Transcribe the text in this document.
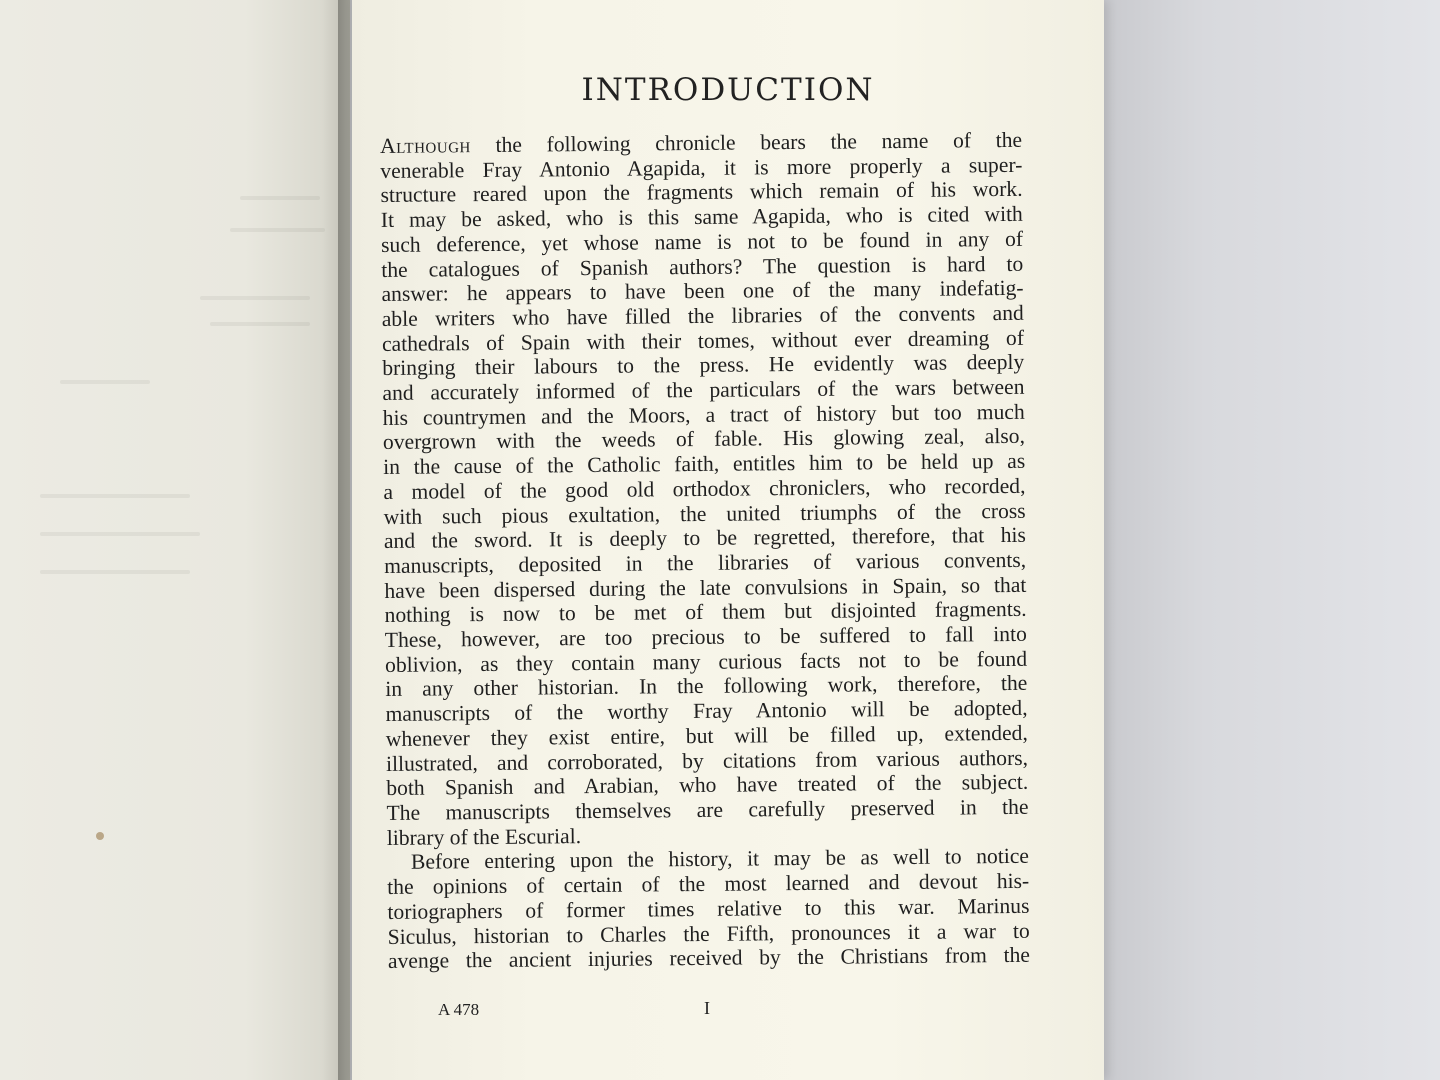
INTRODUCTION
Although the following chronicle bears the name of the
venerable Fray Antonio Agapida, it is more properly a super-
structure reared upon the fragments which remain of his work.
It may be asked, who is this same Agapida, who is cited with
such deference, yet whose name is not to be found in any of
the catalogues of Spanish authors? The question is hard to
answer: he appears to have been one of the many indefatig-
able writers who have filled the libraries of the convents and
cathedrals of Spain with their tomes, without ever dreaming of
bringing their labours to the press. He evidently was deeply
and accurately informed of the particulars of the wars between
his countrymen and the Moors, a tract of history but too much
overgrown with the weeds of fable. His glowing zeal, also,
in the cause of the Catholic faith, entitles him to be held up as
a model of the good old orthodox chroniclers, who recorded,
with such pious exultation, the united triumphs of the cross
and the sword. It is deeply to be regretted, therefore, that his
manuscripts, deposited in the libraries of various convents,
have been dispersed during the late convulsions in Spain, so that
nothing is now to be met of them but disjointed fragments.
These, however, are too precious to be suffered to fall into
oblivion, as they contain many curious facts not to be found
in any other historian. In the following work, therefore, the
manuscripts of the worthy Fray Antonio will be adopted,
whenever they exist entire, but will be filled up, extended,
illustrated, and corroborated, by citations from various authors,
both Spanish and Arabian, who have treated of the subject.
The manuscripts themselves are carefully preserved in the
library of the Escurial.
Before entering upon the history, it may be as well to notice
the opinions of certain of the most learned and devout his-
toriographers of former times relative to this war. Marinus
Siculus, historian to Charles the Fifth, pronounces it a war to
avenge the ancient injuries received by the Christians from the
A 478	I
